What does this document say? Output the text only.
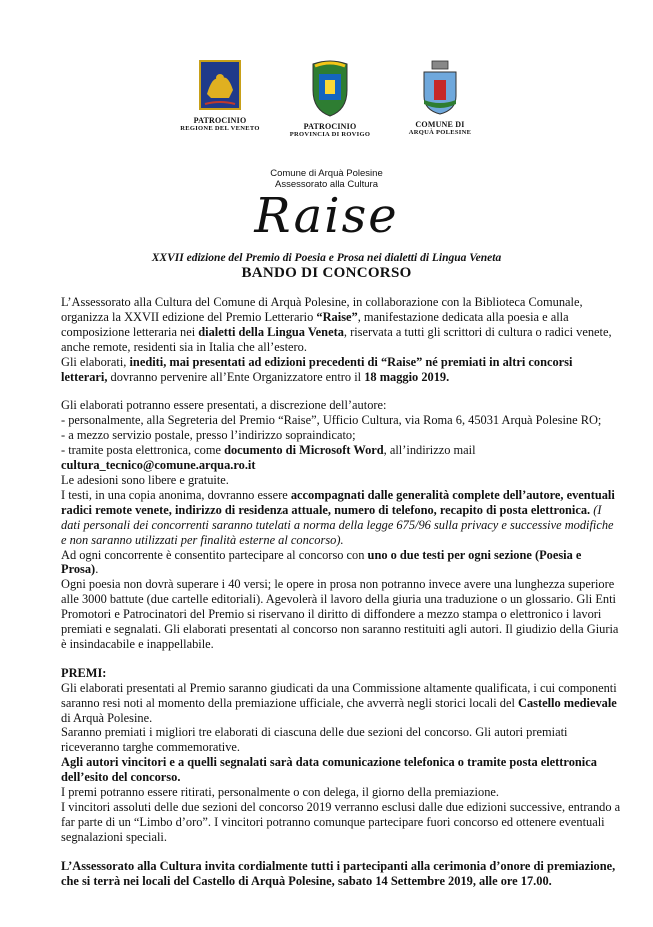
PATROCINIO
REGIONE DEL VENETO	PATROCINIO
PROVINCIA DI ROVIGO
COMUNE DI
ARQUÀ POLESINE
Comune di Arquà Polesine
Assessorato alla Cultura
Raise
XXVII edizione del Premio di Poesia e Prosa nei dialetti di Lingua Veneta
BANDO DI CONCORSO

L’Assessorato alla Cultura del Comune di Arquà Polesine, in collaborazione con la Biblioteca Comunale, organizza la XXVII edizione del Premio Letterario “Raise”, manifestazione dedicata alla poesia e alla composizione letteraria nei dialetti della Lingua Veneta, riservata a tutti gli scrittori di cultura o radici venete, anche remote, residenti sia in Italia che all’estero.

Gli elaborati, inediti, mai presentati ad edizioni precedenti di “Raise” né premiati in altri concorsi letterari, dovranno pervenire all’Ente Organizzatore entro il 18 maggio 2019.

Gli elaborati potranno essere presentati, a discrezione dell’autore:

- personalmente, alla Segreteria del Premio “Raise”, Ufficio Cultura, via Roma 6, 45031 Arquà Polesine RO;

- a mezzo servizio postale, presso l’indirizzo sopraindicato;

- tramite posta elettronica, come documento di Microsoft Word, all’indirizzo mail

cultura_tecnico@comune.arqua.ro.it

Le adesioni sono libere e gratuite.

I testi, in una copia anonima, dovranno essere accompagnati dalle generalità complete dell’autore, eventuali radici remote venete, indirizzo di residenza attuale, numero di telefono, recapito di posta elettronica. (I dati personali dei concorrenti saranno tutelati a norma della legge 675/96 sulla privacy e successive modifiche e non saranno utilizzati per finalità esterne al concorso).

Ad ogni concorrente è consentito partecipare al concorso con uno o due testi per ogni sezione (Poesia e Prosa).

Ogni poesia non dovrà superare i 40 versi; le opere in prosa non potranno invece avere una lunghezza superiore alle 3000 battute (due cartelle editoriali). Agevolerà il lavoro della giuria una traduzione o un glossario. Gli Enti Promotori e Patrocinatori del Premio si riservano il diritto di diffondere a mezzo stampa o elettronico i lavori premiati e segnalati. Gli elaborati presentati al concorso non saranno restituiti agli autori. Il giudizio della Giuria è insindacabile e inappellabile.

PREMI:

Gli elaborati presentati al Premio saranno giudicati da una Commissione altamente qualificata, i cui componenti saranno resi noti al momento della premiazione ufficiale, che avverrà negli storici locali del Castello medievale di Arquà Polesine.

Saranno premiati i migliori tre elaborati di ciascuna delle due sezioni del concorso. Gli autori premiati riceveranno targhe commemorative.

Agli autori vincitori e a quelli segnalati sarà data comunicazione telefonica o tramite posta elettronica dell’esito del concorso.

I premi potranno essere ritirati, personalmente o con delega, il giorno della premiazione.

I vincitori assoluti delle due sezioni del concorso 2019 verranno esclusi dalle due edizioni successive, entrando a far parte di un “Limbo d’oro”. I vincitori potranno comunque partecipare fuori concorso ed ottenere eventuali segnalazioni speciali.

L’Assessorato alla Cultura invita cordialmente tutti i partecipanti alla cerimonia d’onore di premiazione, che si terrà nei locali del Castello di Arquà Polesine, sabato 14 Settembre 2019, alle ore 17.00.
